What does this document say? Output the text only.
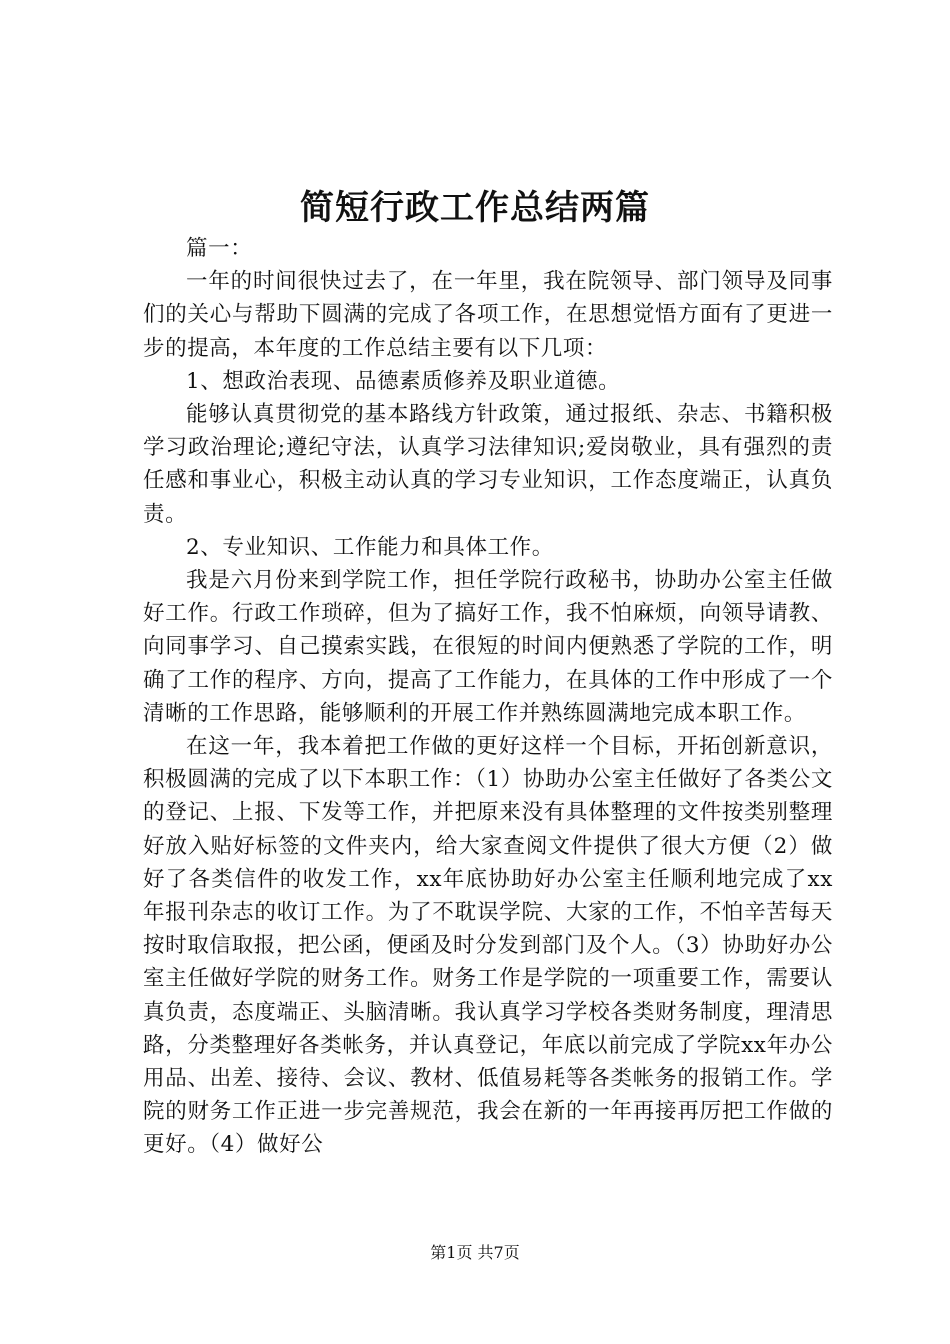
简短行政工作总结两篇

篇一：

一年的时间很快过去了，在一年里，我在院领导、部门领导及同事们的关心与帮助下圆满的完成了各项工作，在思想觉悟方面有了更进一步的提高，本年度的工作总结主要有以下几项：

1、想政治表现、品德素质修养及职业道德。

能够认真贯彻党的基本路线方针政策，通过报纸、杂志、书籍积极学习政治理论;遵纪守法，认真学习法律知识;爱岗敬业，具有强烈的责任感和事业心，积极主动认真的学习专业知识，工作态度端正，认真负责。

2、专业知识、工作能力和具体工作。

我是六月份来到学院工作，担任学院行政秘书，协助办公室主任做好工作。行政工作琐碎，但为了搞好工作，我不怕麻烦，向领导请教、向同事学习、自己摸索实践，在很短的时间内便熟悉了学院的工作，明确了工作的程序、方向，提高了工作能力，在具体的工作中形成了一个清晰的工作思路，能够顺利的开展工作并熟练圆满地完成本职工作。

在这一年，我本着把工作做的更好这样一个目标，开拓创新意识，积极圆满的完成了以下本职工作：（1）协助办公室主任做好了各类公文的登记、上报、下发等工作，并把原来没有具体整理的文件按类别整理好放入贴好标签的文件夹内，给大家查阅文件提供了很大方便（2）做好了各类信件的收发工作，xx年底协助好办公室主任顺利地完成了xx年报刊杂志的收订工作。为了不耽误学院、大家的工作，不怕辛苦每天按时取信取报，把公函，便函及时分发到部门及个人。（3）协助好办公室主任做好学院的财务工作。财务工作是学院的一项重要工作，需要认真负责，态度端正、头脑清晰。我认真学习学校各类财务制度，理清思路，分类整理好各类帐务，并认真登记，年底以前完成了学院xx年办公用品、出差、接待、会议、教材、低值易耗等各类帐务的报销工作。学院的财务工作正进一步完善规范，我会在新的一年再接再厉把工作做的更好。（4）做好公

第1页 共7页
